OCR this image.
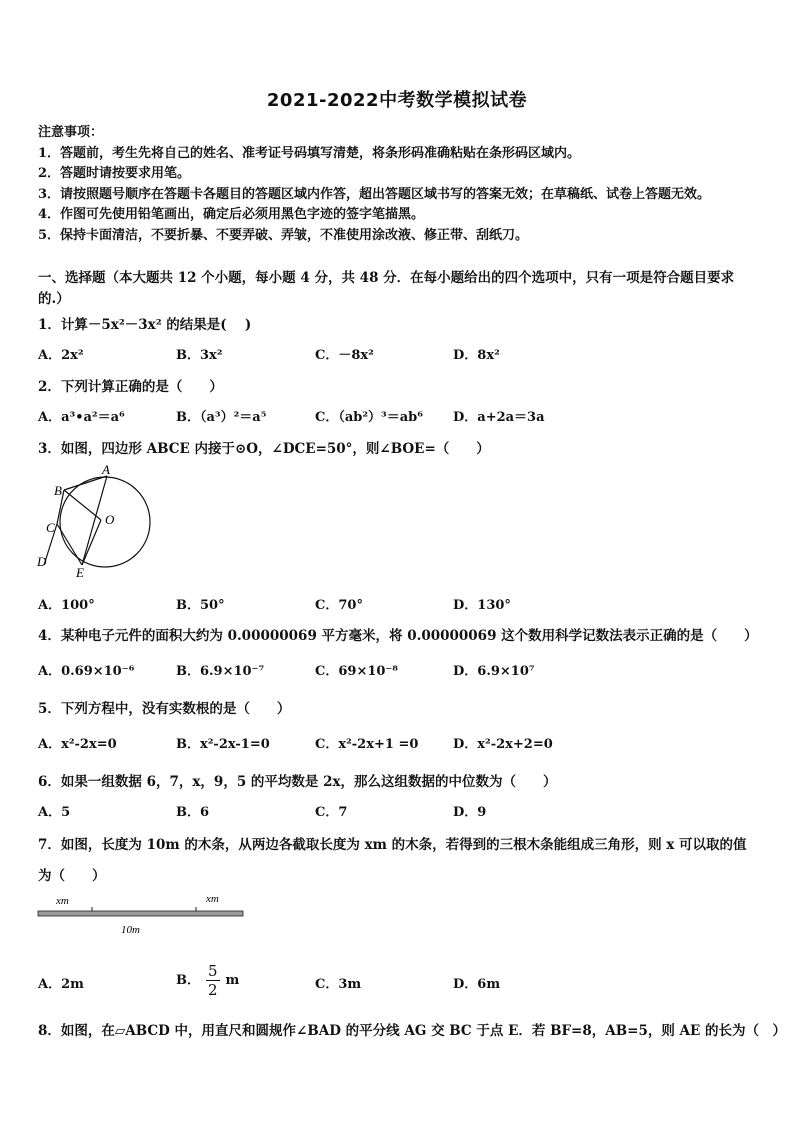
2021-2022中考数学模拟试卷
注意事项：
1．答题前，考生先将自己的姓名、准考证号码填写清楚，将条形码准确粘贴在条形码区域内。
2．答题时请按要求用笔。
3．请按照题号顺序在答题卡各题目的答题区域内作答，超出答题区域书写的答案无效；在草稿纸、试卷上答题无效。
4．作图可先使用铅笔画出，确定后必须用黑色字迹的签字笔描黑。
5．保持卡面清洁，不要折暴、不要弄破、弄皱，不准使用涂改液、修正带、刮纸刀。
一、选择题（本大题共 12 个小题，每小题 4 分，共 48 分．在每小题给出的四个选项中，只有一项是符合题目要求
的.）
1．计算－5x²－3x² 的结果是(　 )
A．2x²	B．3x²	C．－8x²	D．8x²
2．下列计算正确的是（　　）
A．a³•a²＝a⁶	B．（a³）²＝a⁵	C．（ab²）³＝ab⁶ D．a+2a＝3a
3．如图，四边形 ABCE 内接于⊙O，∠DCE=50°，则∠BOE=（　　）
A
B
C
D
E
O
A．100°	B．50°	C．70°	D．130°
4．某种电子元件的面积大约为 0.00000069 平方毫米，将 0.00000069 这个数用科学记数法表示正确的是（　　）
A．0.69×10⁻⁶	B．6.9×10⁻⁷	C．69×10⁻⁸	D．6.9×10⁷
5．下列方程中，没有实数根的是（　　）
A．x²-2x=0	B．x²-2x-1=0	C．x²-2x+1 =0	D．x²-2x+2=0
6．如果一组数据 6，7，x，9，5 的平均数是 2x，那么这组数据的中位数为（　　）
A．5	B．6	C．7	D．9
7．如图，长度为 10m 的木条，从两边各截取长度为 xm 的木条，若得到的三根木条能组成三角形，则 x 可以取的值
为（　　）
xm	xm
10m
A．2m	B． $\frac{5}{2}$ m	C．3m	D．6m
8．如图，在▱ABCD 中，用直尺和圆规作∠BAD 的平分线 AG 交 BC 于点 E．若 BF=8，AB=5，则 AE 的长为（　）
